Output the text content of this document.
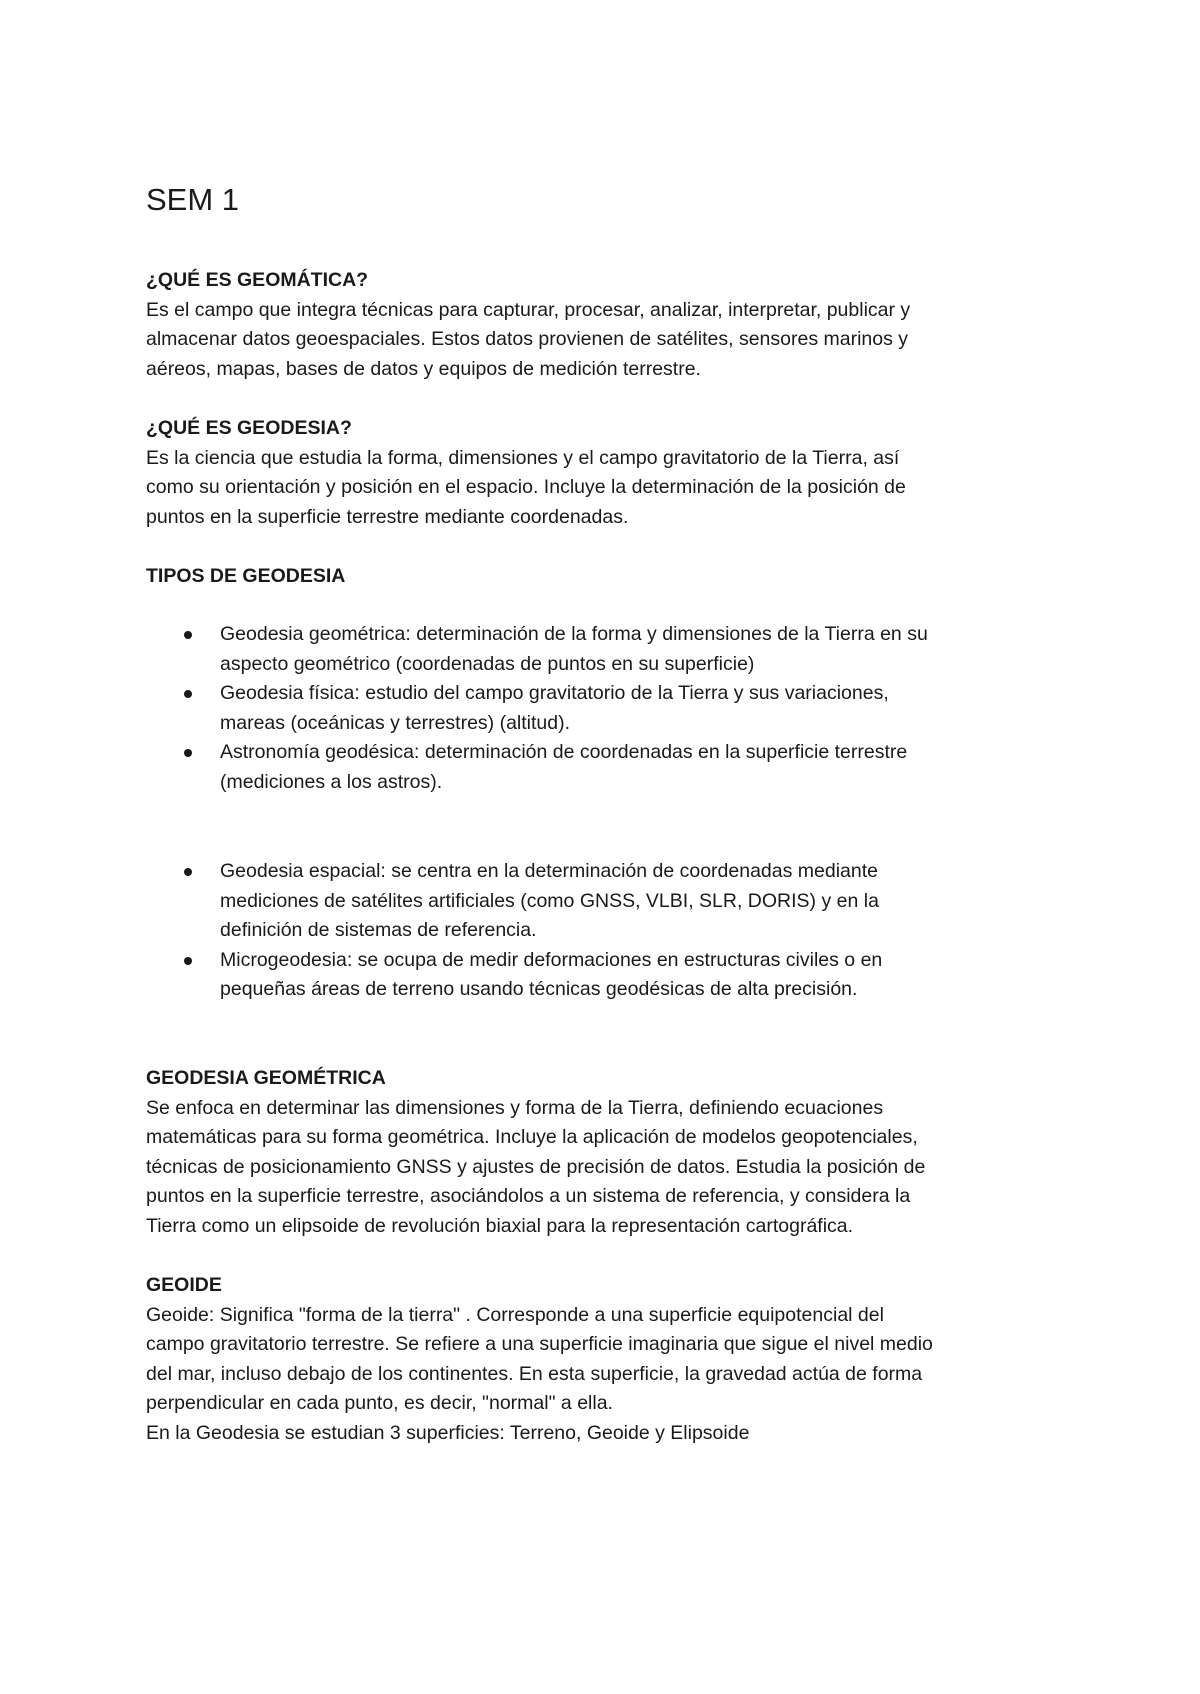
SEM 1

¿QUÉ ES GEOMÁTICA?

Es el campo que integra técnicas para capturar, procesar, analizar, interpretar, publicar y
almacenar datos geoespaciales. Estos datos provienen de satélites, sensores marinos y
aéreos, mapas, bases de datos y equipos de medición terrestre.

¿QUÉ ES GEODESIA?

Es la ciencia que estudia la forma, dimensiones y el campo gravitatorio de la Tierra, así
como su orientación y posición en el espacio. Incluye la determinación de la posición de
puntos en la superficie terrestre mediante coordenadas.

TIPOS DE GEODESIA

Geodesia geométrica: determinación de la forma y dimensiones de la Tierra en su
aspecto geométrico (coordenadas de puntos en su superficie)
Geodesia física: estudio del campo gravitatorio de la Tierra y sus variaciones,
mareas (oceánicas y terrestres) (altitud).
Astronomía geodésica: determinación de coordenadas en la superficie terrestre
(mediciones a los astros).
Geodesia espacial: se centra en la determinación de coordenadas mediante
mediciones de satélites artificiales (como GNSS, VLBI, SLR, DORIS) y en la
definición de sistemas de referencia.
Microgeodesia: se ocupa de medir deformaciones en estructuras civiles o en
pequeñas áreas de terreno usando técnicas geodésicas de alta precisión.

GEODESIA GEOMÉTRICA

Se enfoca en determinar las dimensiones y forma de la Tierra, definiendo ecuaciones
matemáticas para su forma geométrica. Incluye la aplicación de modelos geopotenciales,
técnicas de posicionamiento GNSS y ajustes de precisión de datos. Estudia la posición de
puntos en la superficie terrestre, asociándolos a un sistema de referencia, y considera la
Tierra como un elipsoide de revolución biaxial para la representación cartográfica.

GEOIDE

Geoide: Significa "forma de la tierra" . Corresponde a una superficie equipotencial del
campo gravitatorio terrestre. Se refiere a una superficie imaginaria que sigue el nivel medio
del mar, incluso debajo de los continentes. En esta superficie, la gravedad actúa de forma
perpendicular en cada punto, es decir, "normal" a ella.
En la Geodesia se estudian 3 superficies: Terreno, Geoide y Elipsoide
